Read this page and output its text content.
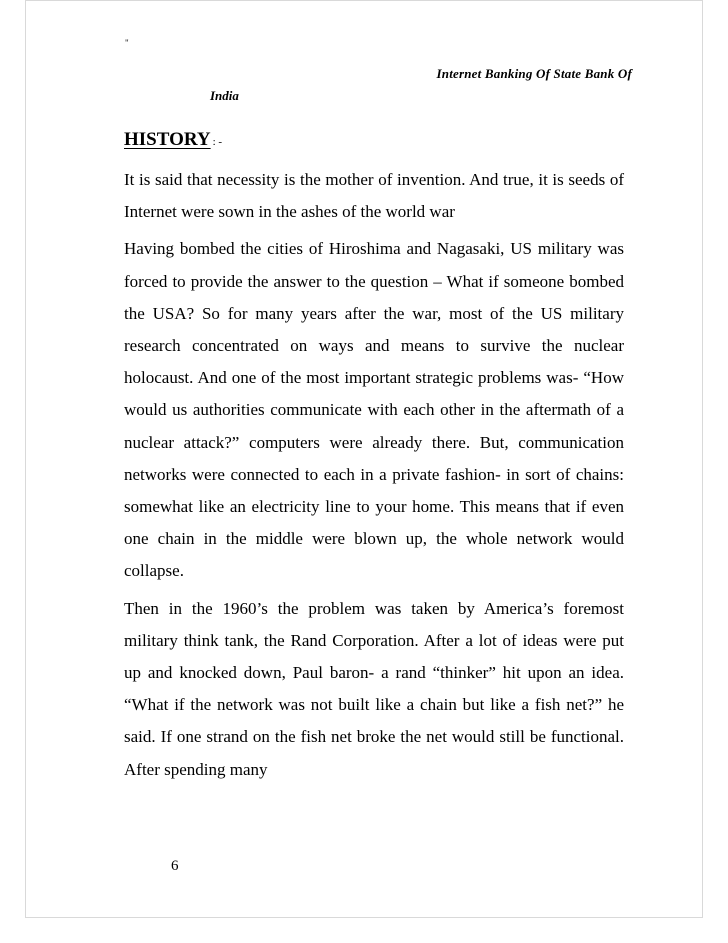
"
Internet Banking Of State Bank Of
India
HISTORY : -

It is said that necessity is the mother of invention. And true, it is seeds of Internet were sown in the ashes of the world war

Having bombed the cities of Hiroshima and Nagasaki, US military was forced to provide the answer to the question – What if someone bombed the USA? So for many years after the war, most of the US military research concentrated on ways and means to survive the nuclear holocaust. And one of the most important strategic problems was- “How would us authorities communicate with each other in the aftermath of a nuclear attack?” computers were already there. But, communication networks were connected to each in a private fashion- in sort of chains: somewhat like an electricity line to your home. This means that if even one chain in the middle were blown up, the whole network would collapse.

Then in the 1960’s the problem was taken by America’s foremost military think tank, the Rand Corporation. After a lot of ideas were put up and knocked down, Paul baron- a rand “thinker” hit upon an idea. “What if the network was not built like a chain but like a fish net?” he said. If one strand on the fish net broke the net would still be functional. After spending many

6
